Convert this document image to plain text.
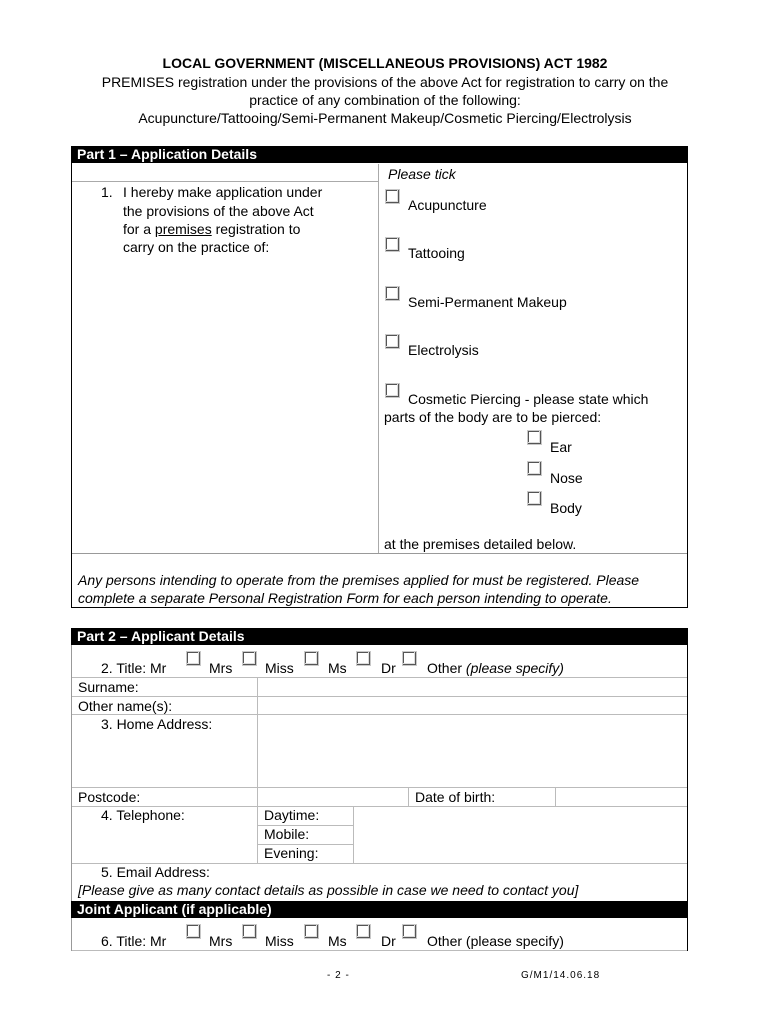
LOCAL GOVERNMENT (MISCELLANEOUS PROVISIONS) ACT 1982
PREMISES registration under the provisions of the above Act for registration to carry on the
practice of any combination of the following:
Acupuncture/Tattooing/Semi-Permanent Makeup/Cosmetic Piercing/Electrolysis
Part 1 – Application Details
Please tick
1. I hereby make application under
the provisions of the above Act
for a premises registration to
carry on the practice of:
Acupuncture
Tattooing
Semi-Permanent Makeup
Electrolysis
Cosmetic Piercing - please state which
parts of the body are to be pierced:
Ear
Nose
Body
at the premises detailed below.
Any persons intending to operate from the premises applied for must be registered. Please
complete a separate Personal Registration Form for each person intending to operate.
Part 2 – Applicant Details
2. Title: Mr	Mrs Miss Ms Dr Other (please specify)
Surname:
Other name(s):
3. Home Address:
Postcode:	Date of birth:
4. Telephone:	Daytime:
Mobile:
Evening:
5. Email Address:
[Please give as many contact details as possible in case we need to contact you]
Joint Applicant (if applicable)
6. Title: Mr	Mrs Miss Ms Dr Other (please specify)
- 2 -	G/M1/14.06.18
